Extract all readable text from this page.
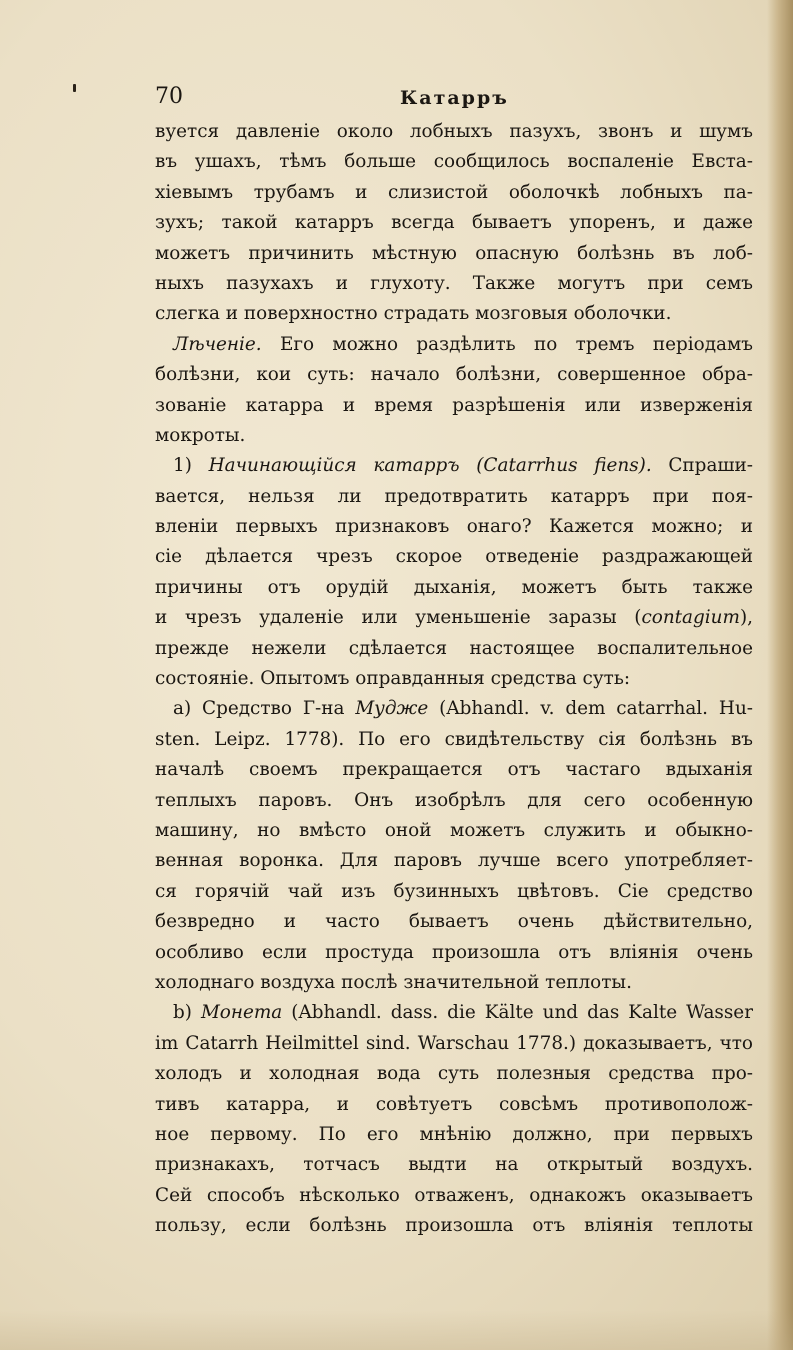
70	Катарръ
вуется давленіе около лобныхъ пазухъ, звонъ и шумъ
въ ушахъ, тѣмъ больше сообщилось воспаленіе Евста-
хіевымъ трубамъ и слизистой оболочкѣ лобныхъ па-
зухъ; такой катарръ всегда бываетъ упоренъ, и даже
можетъ причинить мѣстную опасную болѣзнь въ лоб-
ныхъ пазухахъ и глухоту. Также могутъ при семъ
слегка и поверхностно страдать мозговыя оболочки.
Лѣченіе. Его можно раздѣлить по тремъ періодамъ
болѣзни, кои суть: начало болѣзни, совершенное обра-
зованіе катарра и время разрѣшенія или изверженія
мокроты.
1) Начинающійся катарръ (Catarrhus fiens). Спраши-
вается, нельзя ли предотвратить катарръ при поя-
вленіи первыхъ признаковъ онаго? Кажется можно; и
сіе дѣлается чрезъ скорое отведеніе раздражающей
причины отъ орудій дыханія, можетъ быть также
и чрезъ удаленіе или уменьшеніе заразы (contagium),
прежде нежели сдѣлается настоящее воспалительное
состояніе. Опытомъ оправданныя средства суть:
a) Средство Г-на Мудже (Abhandl. v. dem catarrhal. Hu-
sten. Leipz. 1778). По его свидѣтельству сія болѣзнь въ
началѣ своемъ прекращается отъ частаго вдыханія
теплыхъ паровъ. Онъ изобрѣлъ для сего особенную
машину, но вмѣсто оной можетъ служить и обыкно-
венная воронка. Для паровъ лучше всего употребляет-
ся горячій чай изъ бузинныхъ цвѣтовъ. Сіе средство
безвредно и часто бываетъ очень дѣйствительно,
особливо если простуда произошла отъ вліянія очень
холоднаго воздуха послѣ значительной теплоты.
b) Монета (Abhandl. dass. die Kälte und das Kalte Wasser
im Catarrh Heilmittel sind. Warschau 1778.) доказываетъ, что
холодъ и холодная вода суть полезныя средства про-
тивъ катарра, и совѣтуетъ совсѣмъ противополож-
ное первому. По его мнѣнію должно, при первыхъ
признакахъ, тотчасъ выдти на открытый воздухъ.
Сей способъ нѣсколько отваженъ, однакожъ оказываетъ
пользу, если болѣзнь произошла отъ вліянія теплоты
